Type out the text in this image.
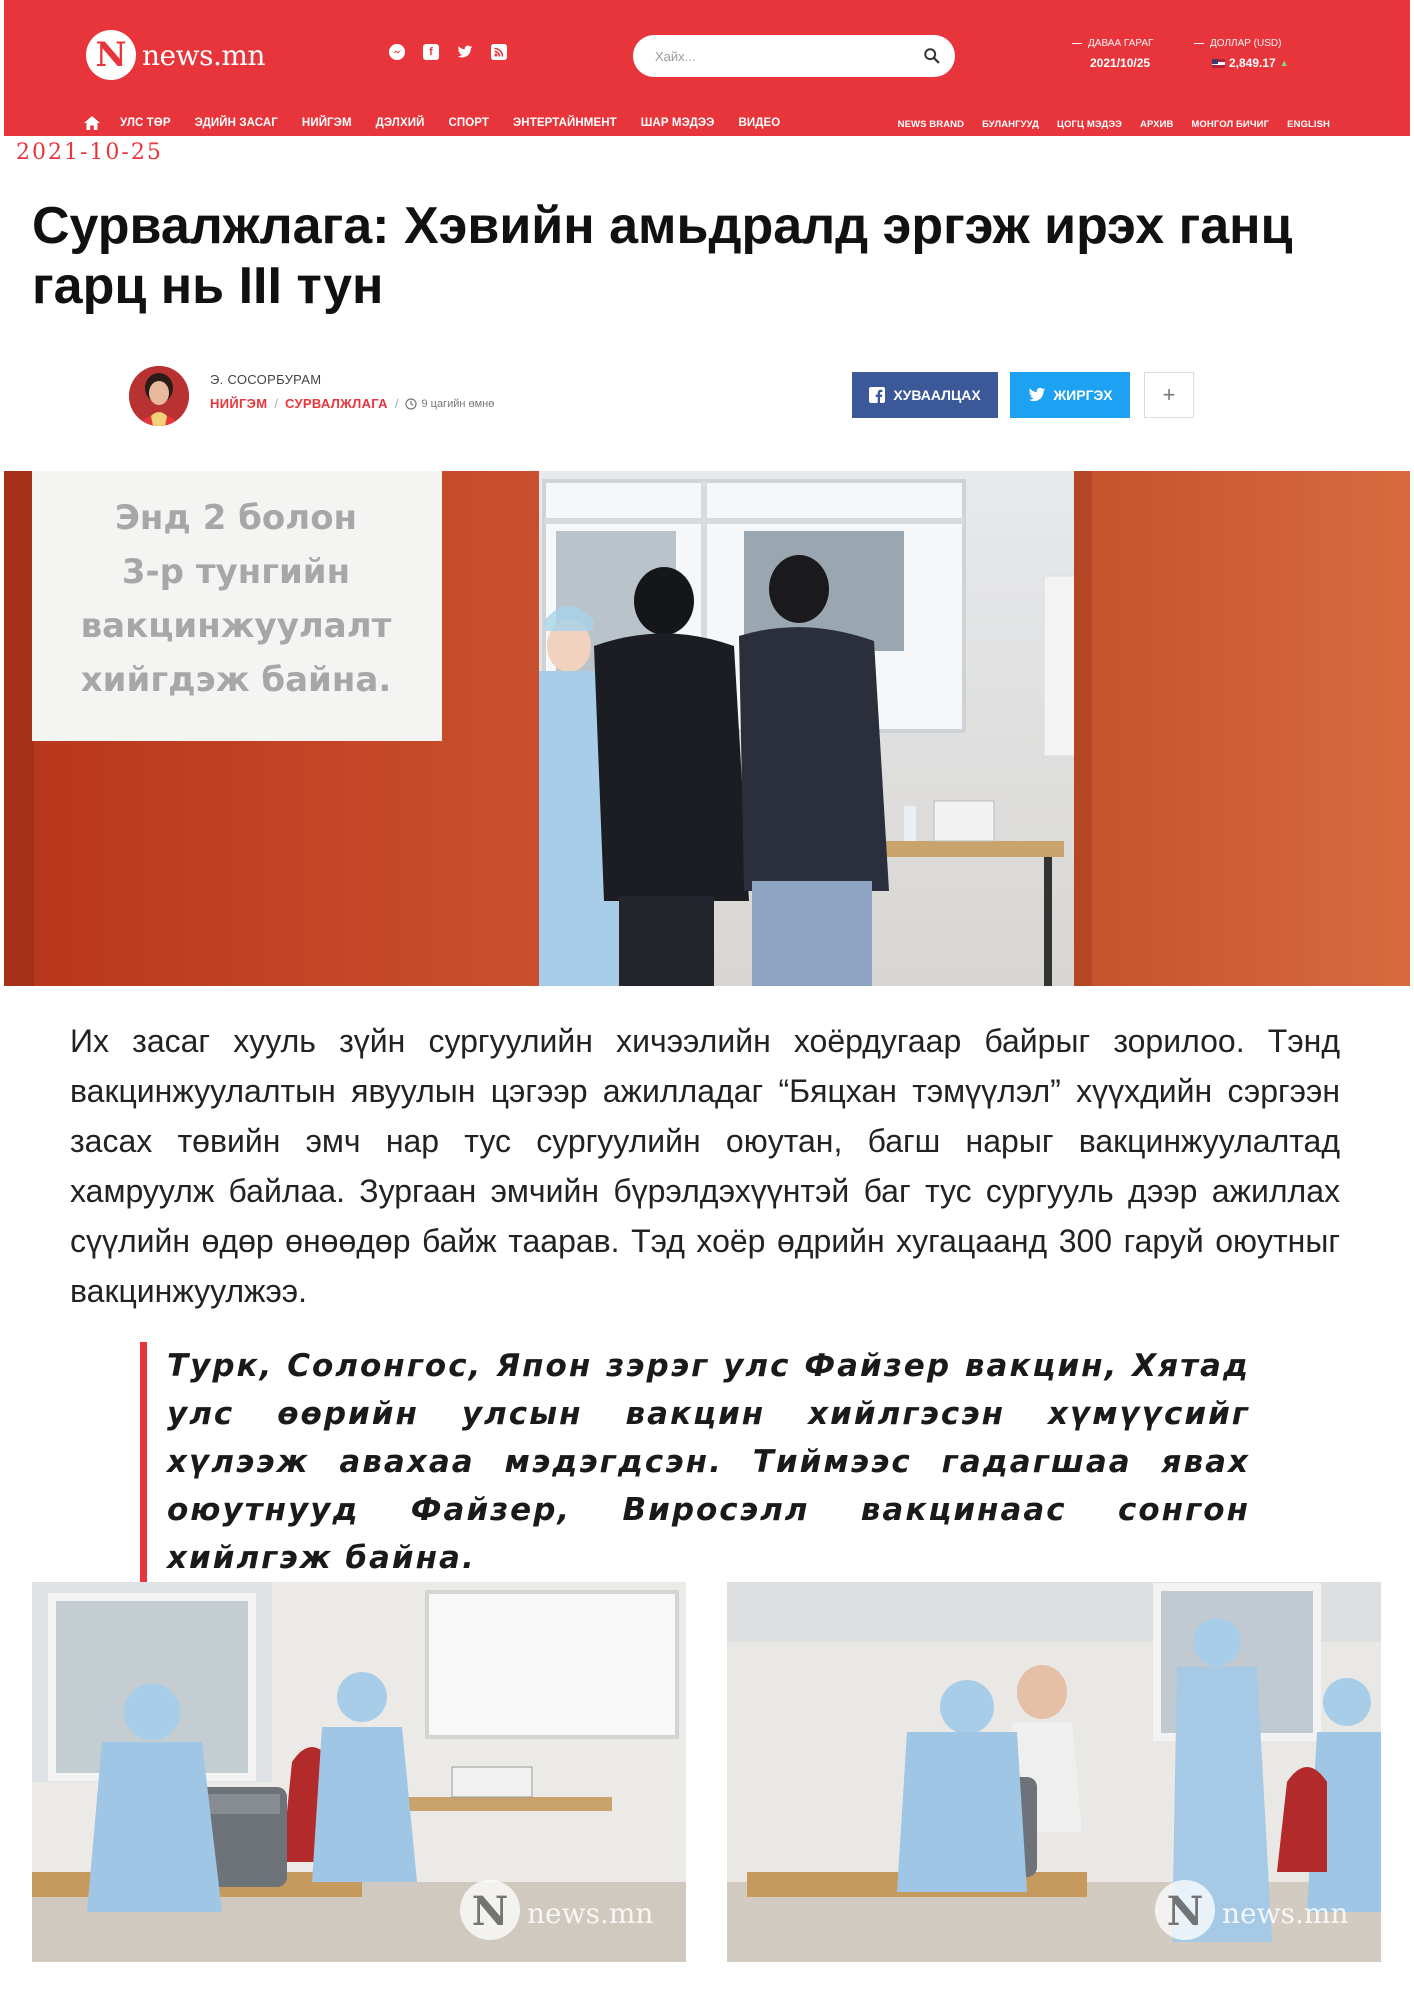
N news.mn	f
Хайх...
ДАВАА ГАРАГ
2021/10/25
ДОЛЛАР (USD)
2,849.17 ▲
УЛС ТӨР ЭДИЙН ЗАСАГ НИЙГЭМ ДЭЛХИЙ СПОРТ ЭНТЕРТАЙНМЕНТ ШАР МЭДЭЭ ВИДЕО	NEWS BRAND БУЛАНГУУД ЦОГЦ МЭДЭЭ АРХИВ МОНГОЛ БИЧИГ ENGLISH
2021-10-25
Сурвалжлага: Хэвийн амьдралд эргэж ирэх ганц гарц нь III тун
Э. СОСОРБУРАМ
НИЙГЭМ / СУРВАЛЖЛАГА / 9 цагийн өмнө
ХУВААЛЦАХ	ЖИРГЭХ	+
Энд 2 болон
3-р тунгийн
вакцинжуулалт
хийгдэж байна.

Их засаг хууль зүйн сургуулийн хичээлийн хоёрдугаар байрыг зорилоо. Тэнд вакцинжуулалтын явуулын цэгээр ажилладаг “Бяцхан тэмүүлэл” хүүхдийн сэргээн засах төвийн эмч нар тус сургуулийн оюутан, багш нарыг вакцинжуулалтад хамруулж байлаа. Зургаан эмчийн бүрэлдэхүүнтэй баг тус сургууль дээр ажиллах сүүлийн өдөр өнөөдөр байж таарав. Тэд хоёр өдрийн хугацаанд 300 гаруй оюутныг вакцинжуулжээ.

Турк, Солонгос, Япон зэрэг улс Файзер вакцин, Хятад улс өөрийн улсын вакцин хийлгэсэн хүмүүсийг хүлээж авахаа мэдэгдсэн. Тиймээс гадагшаа явах оюутнууд Файзер, Виросэлл вакцинаас сонгон хийлгэж байна.

N news.mn	N news.mn
